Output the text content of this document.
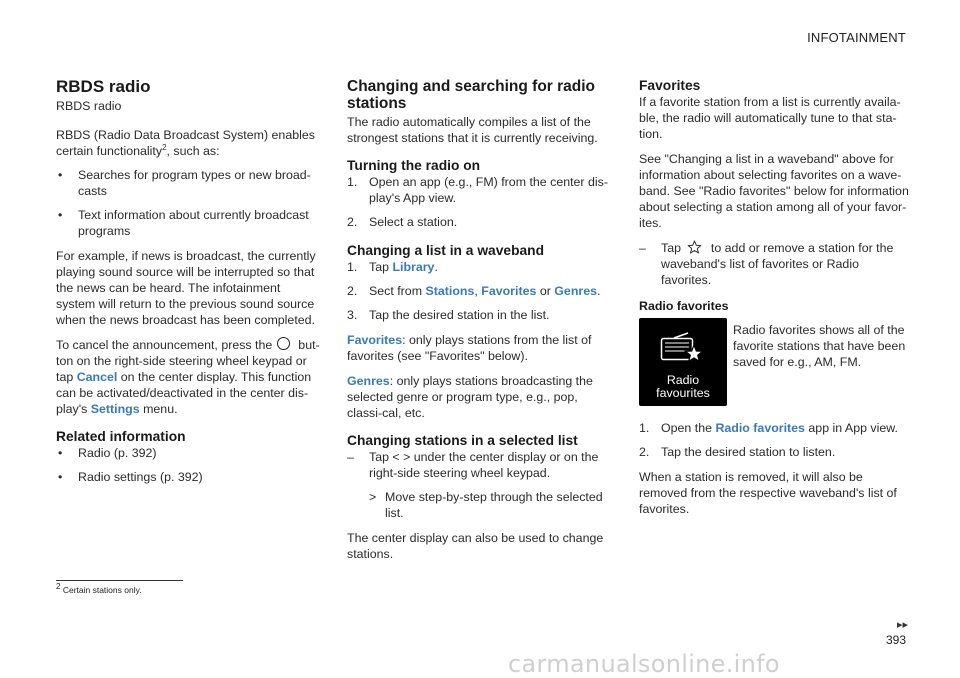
INFOTAINMENT
RBDS radio

RBDS radio

RBDS (Radio Data Broadcast System) enables certain functionality$^2$, such as:

•	Searches for program types or new broad-casts
•	Text information about currently broadcast programs

For example, if news is broadcast, the currently playing sound source will be interrupted so that the news can be heard. The infotainment system will return to the previous sound source when the news broadcast has been completed.

To cancel the announcement, press the but-ton on the right-side steering wheel keypad or tap Cancel on the center display. This function can be activated/deactivated in the center dis-play's Settings menu.

Related information
•	Radio (p. 392)
•	Radio settings (p. 392)
Changing and searching for radio stations

The radio automatically compiles a list of the strongest stations that it is currently receiving.

Turning the radio on
1. Open an app (e.g., FM) from the center dis-play's App view.
2. Select a station.
Changing a list in a waveband
1. Tap Library.
2. Sect from Stations, Favorites or Genres.
3. Tap the desired station in the list.

Favorites: only plays stations from the list of favorites (see "Favorites" below).

Genres: only plays stations broadcasting the selected genre or program type, e.g., pop, classi-cal, etc.

Changing stations in a selected list
–	Tap < > under the center display or on the right-side steering wheel keypad.
> Move step-by-step through the selected list.

The center display can also be used to change stations.

Favorites

If a favorite station from a list is currently availa-ble, the radio will automatically tune to that sta-tion.

See "Changing a list in a waveband" above for information about selecting favorites on a wave-band. See "Radio favorites" below for information about selecting a station among all of your favor-ites.

–	Tap to add or remove a station for the waveband's list of favorites or Radio favorites.
Radio favorites
Radio favourites

Radio favorites shows all of the favorite stations that have been saved for e.g., AM, FM.

1. Open the Radio favorites app in App view.
2. Tap the desired station to listen.

When a station is removed, it will also be removed from the respective waveband's list of favorites.

2 Certain stations only.
▸▸
393
carmanualsonline.info
